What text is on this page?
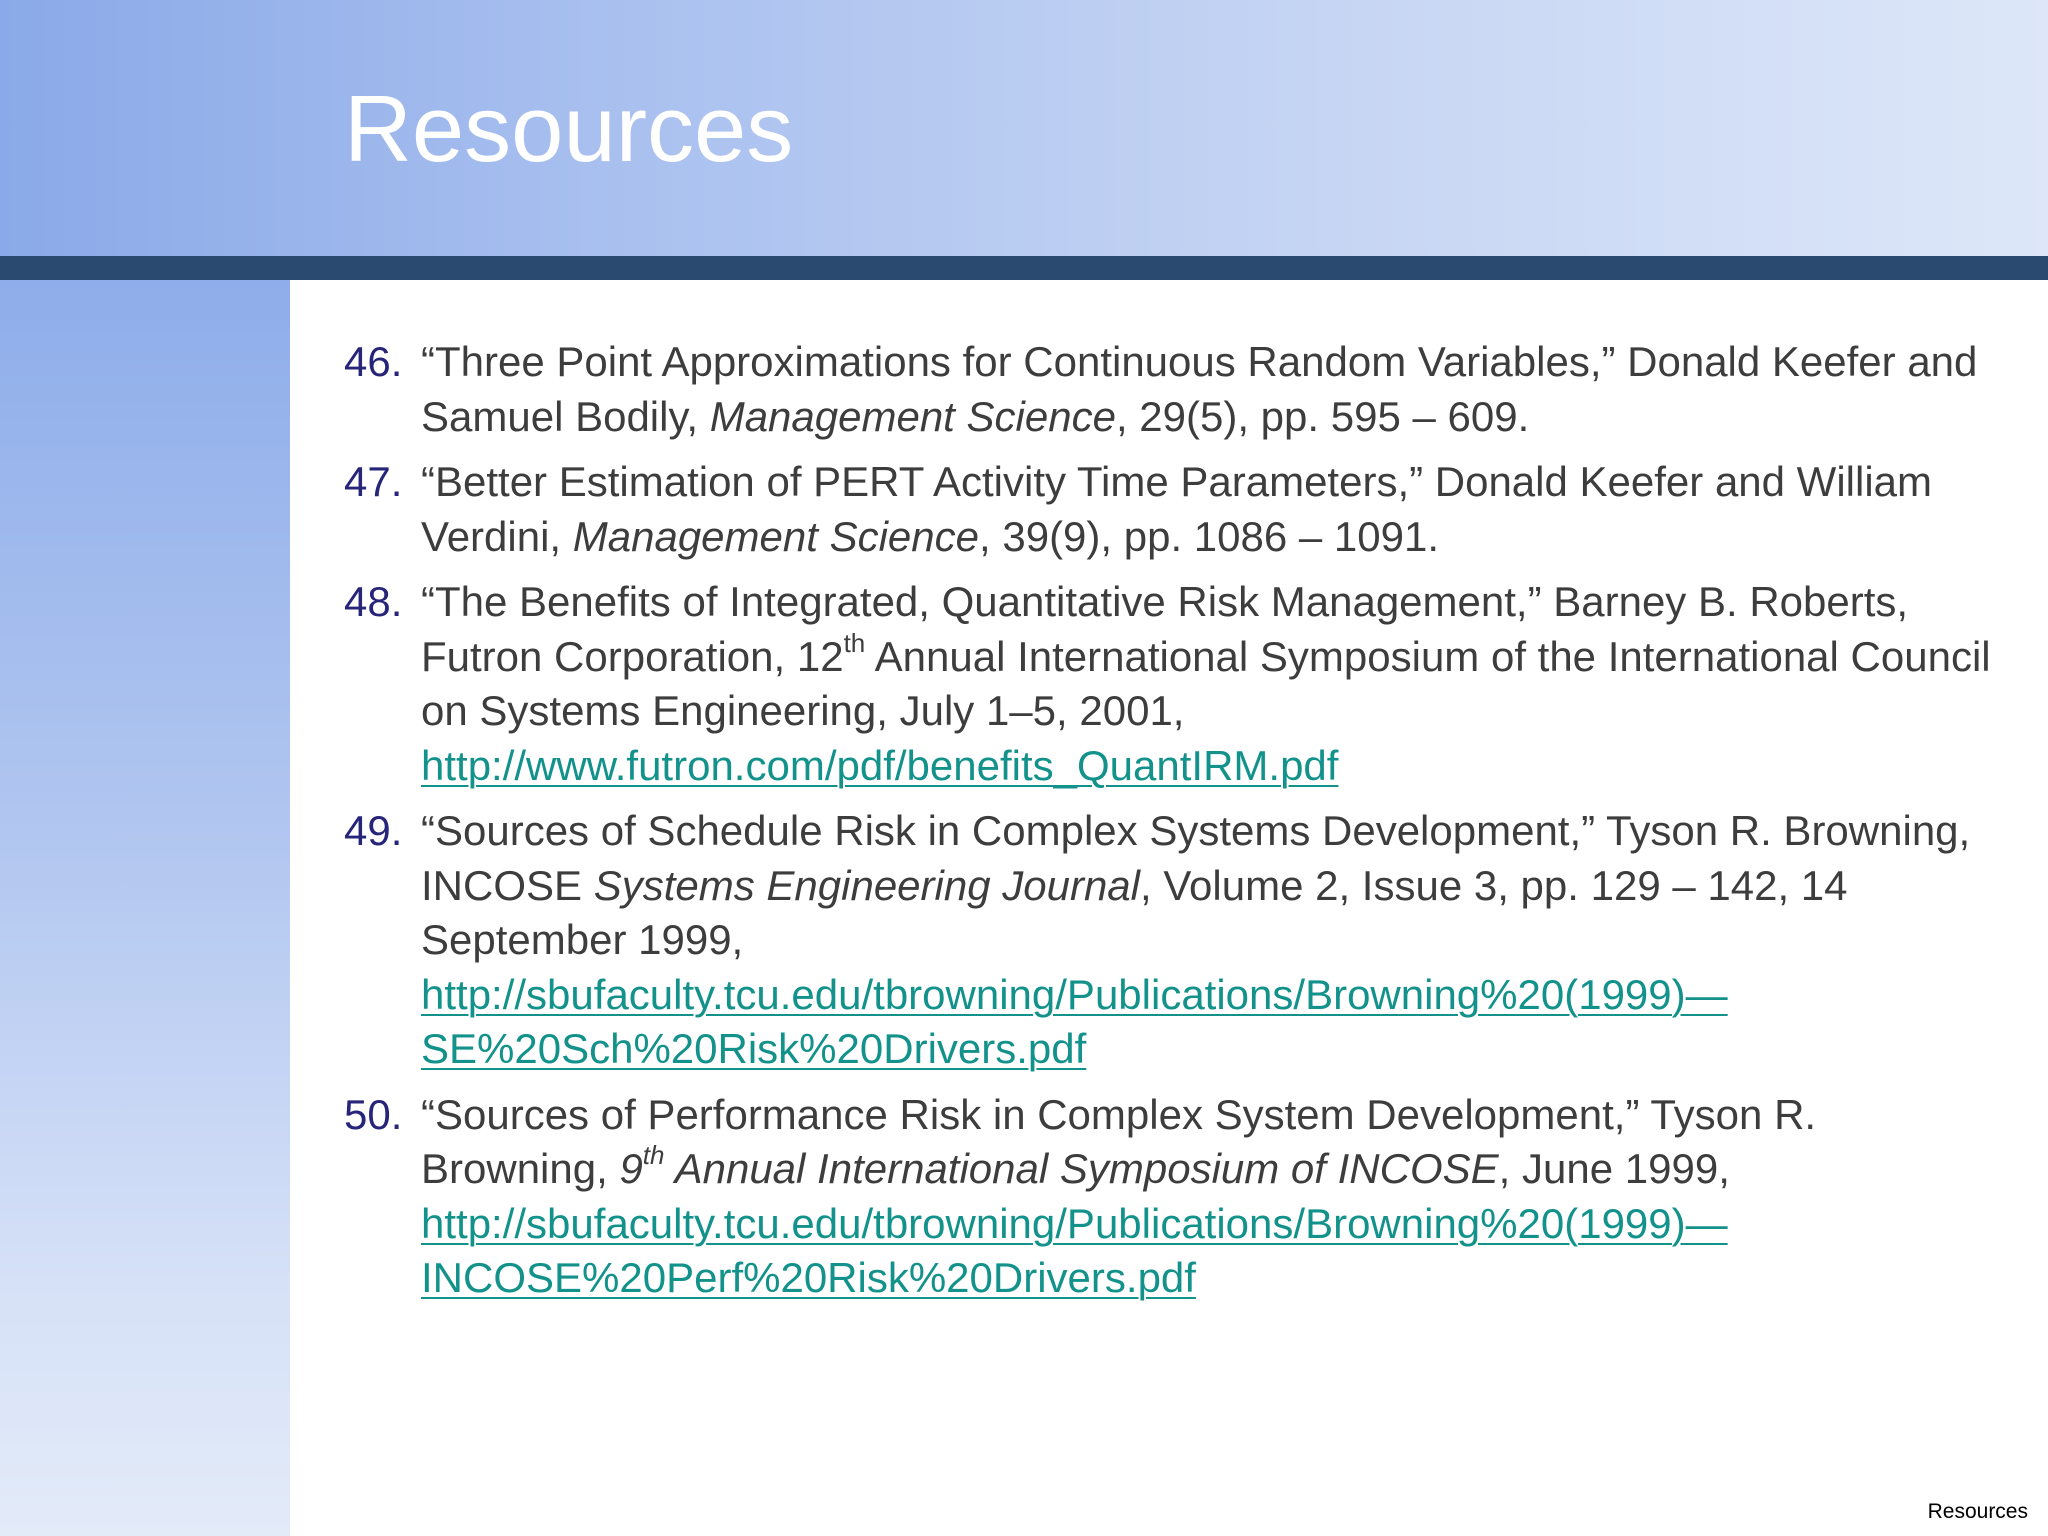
Resources
46. “Three Point Approximations for Continuous Random Variables,” Donald Keefer and Samuel Bodily, Management Science, 29(5), pp. 595 – 609.
47. “Better Estimation of PERT Activity Time Parameters,” Donald Keefer and William Verdini, Management Science, 39(9), pp. 1086 – 1091.
48. “The Benefits of Integrated, Quantitative Risk Management,” Barney B. Roberts, Futron Corporation, 12th Annual International Symposium of the International Council on Systems Engineering, July 1–5, 2001,
http://www.futron.com/pdf/benefits_QuantIRM.pdf
49. “Sources of Schedule Risk in Complex Systems Development,” Tyson R. Browning, INCOSE Systems Engineering Journal, Volume 2, Issue 3, pp. 129 – 142, 14 September 1999,
http://sbufaculty.tcu.edu/tbrowning/Publications/Browning%20(1999)—
SE%20Sch%20Risk%20Drivers.pdf
50. “Sources of Performance Risk in Complex System Development,” Tyson R. Browning, 9th Annual International Symposium of INCOSE, June 1999,
http://sbufaculty.tcu.edu/tbrowning/Publications/Browning%20(1999)—
INCOSE%20Perf%20Risk%20Drivers.pdf
Resources
